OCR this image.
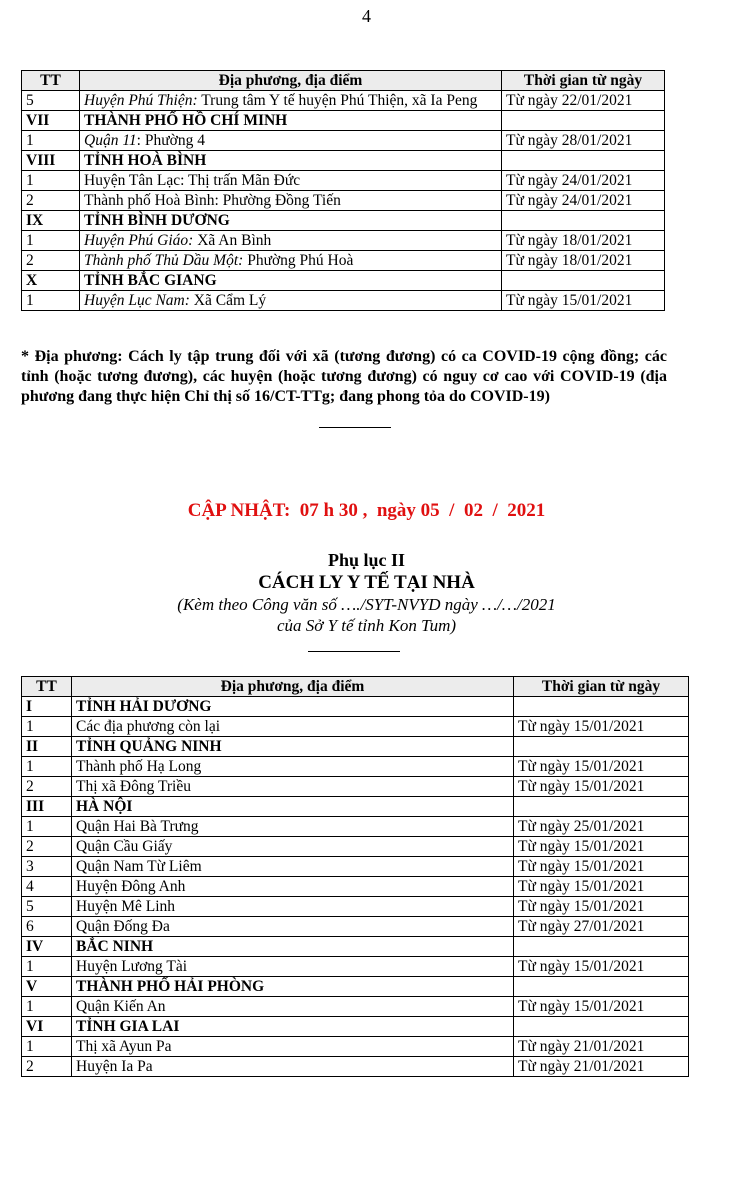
4
TT	Địa phương, địa điểm	Thời gian từ ngày
5	Huyện Phú Thiện: Trung tâm Y tế huyện Phú Thiện, xã Ia Peng	Từ ngày 22/01/2021
VII	THÀNH PHỐ HỒ CHÍ MINH	
1	Quận 11: Phường 4	Từ ngày 28/01/2021
VIII	TỈNH HOÀ BÌNH	
1	Huyện Tân Lạc: Thị trấn Mãn Đức	Từ ngày 24/01/2021
2	Thành phố Hoà Bình: Phường Đồng Tiến	Từ ngày 24/01/2021
IX	TỈNH BÌNH DƯƠNG	
1	Huyện Phú Giáo: Xã An Bình	Từ ngày 18/01/2021
2	Thành phố Thủ Dầu Một: Phường Phú Hoà	Từ ngày 18/01/2021
X	TỈNH BẮC GIANG	
1	Huyện Lục Nam: Xã Cẩm Lý	Từ ngày 15/01/2021
* Địa phương: Cách ly tập trung đối với xã (tương đương) có ca COVID-19 cộng đồng; các tỉnh (hoặc tương đương), các huyện (hoặc tương đương) có nguy cơ cao với COVID-19 (địa phương đang thực hiện Chỉ thị số 16/CT-TTg; đang phong tỏa do COVID-19)
CẬP NHẬT:  07 h 30 ,  ngày 05  /  02  /  2021
Phụ lục II
CÁCH LY Y TẾ TẠI NHÀ
(Kèm theo Công văn số …./SYT-NVYD ngày …/…/2021
của Sở Y tế tỉnh Kon Tum)
TT	Địa phương, địa điểm	Thời gian từ ngày
I	TỈNH HẢI DƯƠNG	
1	Các địa phương còn lại	Từ ngày 15/01/2021
II	TỈNH QUẢNG NINH	
1	Thành phố Hạ Long	Từ ngày 15/01/2021
2	Thị xã Đông Triều	Từ ngày 15/01/2021
III	HÀ NỘI	
1	Quận Hai Bà Trưng	Từ ngày 25/01/2021
2	Quận Cầu Giấy	Từ ngày 15/01/2021
3	Quận Nam Từ Liêm	Từ ngày 15/01/2021
4	Huyện Đông Anh	Từ ngày 15/01/2021
5	Huyện Mê Linh	Từ ngày 15/01/2021
6	Quận Đống Đa	Từ ngày 27/01/2021
IV	BẮC NINH	
1	Huyện Lương Tài	Từ ngày 15/01/2021
V	THÀNH PHỐ HẢI PHÒNG	
1	Quận Kiến An	Từ ngày 15/01/2021
VI	TỈNH GIA LAI	
1	Thị xã Ayun Pa	Từ ngày 21/01/2021
2	Huyện Ia Pa	Từ ngày 21/01/2021
